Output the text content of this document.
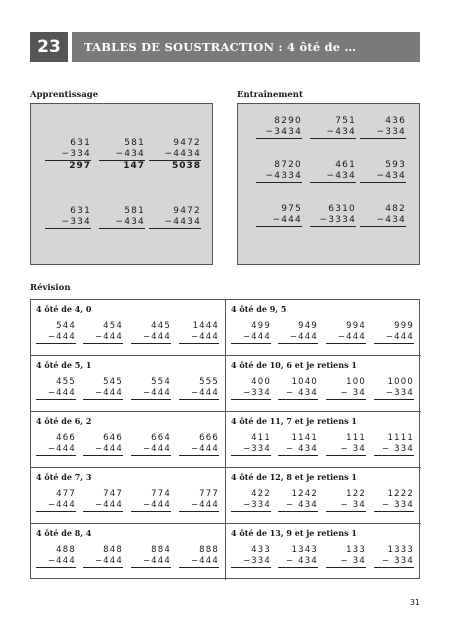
23	TABLES DE SOUSTRACTION : 4 ôté de …
Apprentissage	Entraînement
631
−334
297
581
−434
147
9472
−4434
5038
631
−334
581
−434
9472
−4434
8290
−3434
751
−434
436
−334
8720
−4334
461
−434
593
−434
975
−444
6310
−3334
482
−434
Révision
4 ôté de 4, 0
544
−444
454
−444
445
−444
1444
−444
4 ôté de 9, 5
499
−444
949
−444
994
−444
999
−444
4 ôté de 5, 1
455
−444
545
−444
554
−444
555
−444
4 ôté de 10, 6 et je retiens 1
400
−334
1040
− 434
100
− 34
1000
−334
4 ôté de 6, 2
466
−444
646
−444
664
−444
666
−444
4 ôté de 11, 7 et je retiens 1
411
−334
1141
− 434
111
− 34
1111
− 334
4 ôté de 7, 3
477
−444
747
−444
774
−444
777
−444
4 ôté de 12, 8 et je retiens 1
422
−334
1242
− 434
122
− 34
1222
− 334
4 ôté de 8, 4
488
−444
848
−444
884
−444
888
−444
4 ôté de 13, 9 et je retiens 1
433
−334
1343
− 434
133
− 34
1333
− 334
31
